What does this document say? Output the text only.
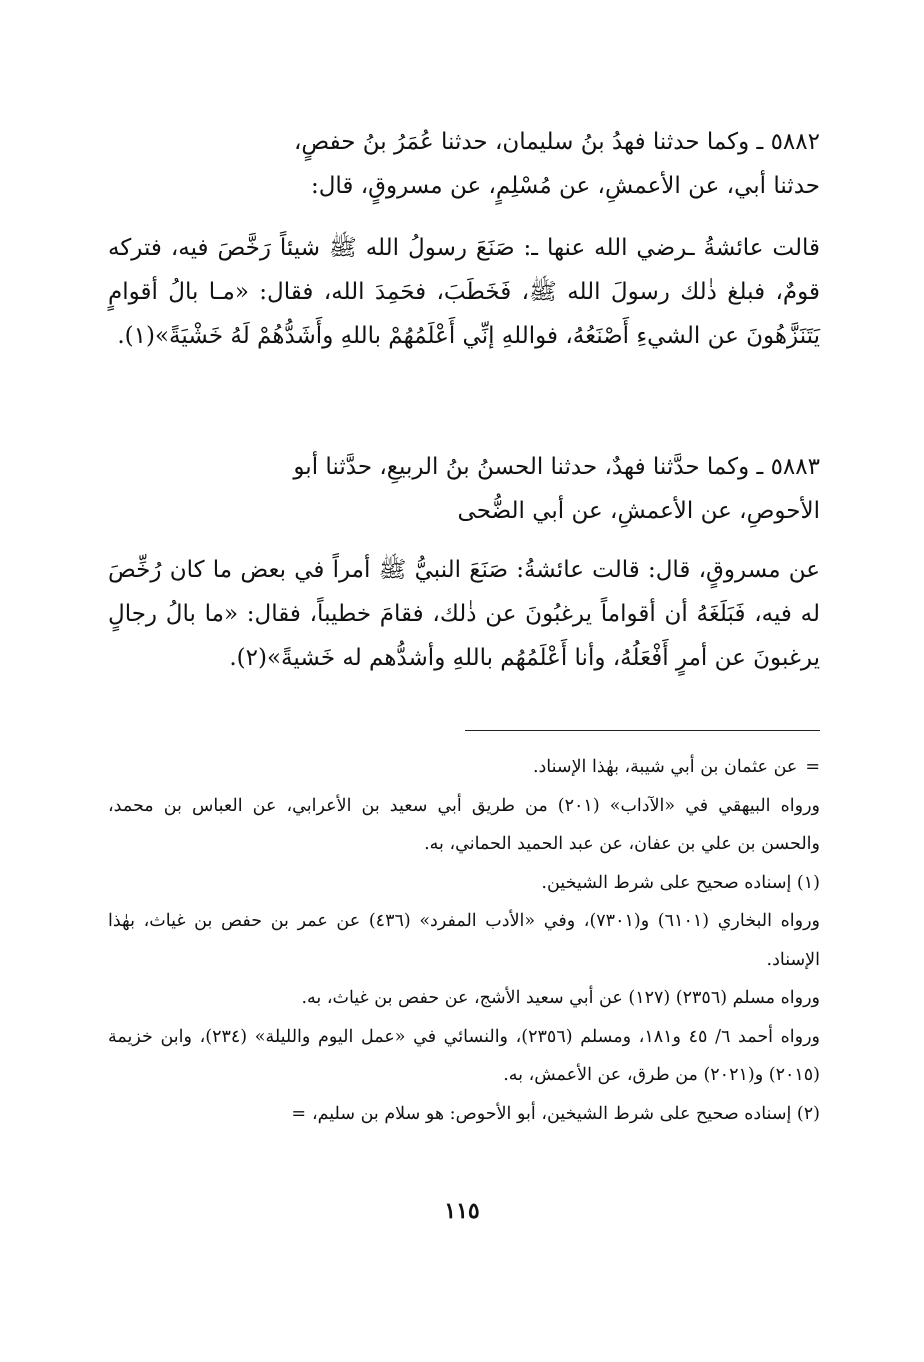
٥٨٨٢ ـ وكما حدثنا فهدُ بنُ سليمان، حدثنا عُمَرُ بنُ حفصٍ،

حدثنا أبي، عن الأعمشِ، عن مُسْلِمٍ، عن مسروقٍ، قال:

قالت عائشةُ ـرضي الله عنها ـ: صَنَعَ رسولُ الله ﷺ شيئاً رَخَّصَ فيه، فتركه قومٌ، فبلغ ذٰلك رسولَ الله ﷺ، فَخَطَبَ، فحَمِدَ الله، فقال: «مـا بالُ أقوامٍ يَتَنَزَّهُونَ عن الشيءِ أَصْنَعُهُ، فواللهِ إنِّي أَعْلَمُهُمْ باللهِ وأَشَدُّهُمْ لَهُ خَشْيَةً»(١).

٥٨٨٣ ـ وكما حدَّثنا فهدٌ، حدثنا الحسنُ بنُ الربيعِ، حدَّثنا أبو

الأحوصِ، عن الأعمشِ، عن أبي الضُّحى

عن مسروقٍ، قال: قالت عائشةُ: صَنَعَ النبيُّ ﷺ أمراً في بعض ما كان رُخِّصَ له فيه، فَبَلَغَهُ أن أقواماً يرغبُونَ عن ذٰلك، فقامَ خطيباً، فقال: «ما بالُ رجالٍ يرغبونَ عن أمرٍ أَفْعَلُهُ، وأنا أَعْلَمُهُم باللهِ وأشدُّهم له خَشيةً»(٢).

=عن عثمان بن أبي شيبة، بهٰذا الإسناد.

ورواه البيهقي في «الآداب» (٢٠١) من طريق أبي سعيد بن الأعرابي، عن العباس بن محمد، والحسن بن علي بن عفان، عن عبد الحميد الحماني، به.

(١) إسناده صحيح على شرط الشيخين.

ورواه البخاري (٦١٠١) و(٧٣٠١)، وفي «الأدب المفرد» (٤٣٦) عن عمر بن حفص بن غياث، بهٰذا الإسناد.

ورواه مسلم (٢٣٥٦) (١٢٧) عن أبي سعيد الأشج، عن حفص بن غياث، به.

ورواه أحمد ٦/ ٤٥ و١٨١، ومسلم (٢٣٥٦)، والنسائي في «عمل اليوم والليلة» (٢٣٤)، وابن خزيمة (٢٠١٥) و(٢٠٢١) من طرق، عن الأعمش، به.

(٢) إسناده صحيح على شرط الشيخين، أبو الأحوص: هو سلام بن سليم،=

١١٥
